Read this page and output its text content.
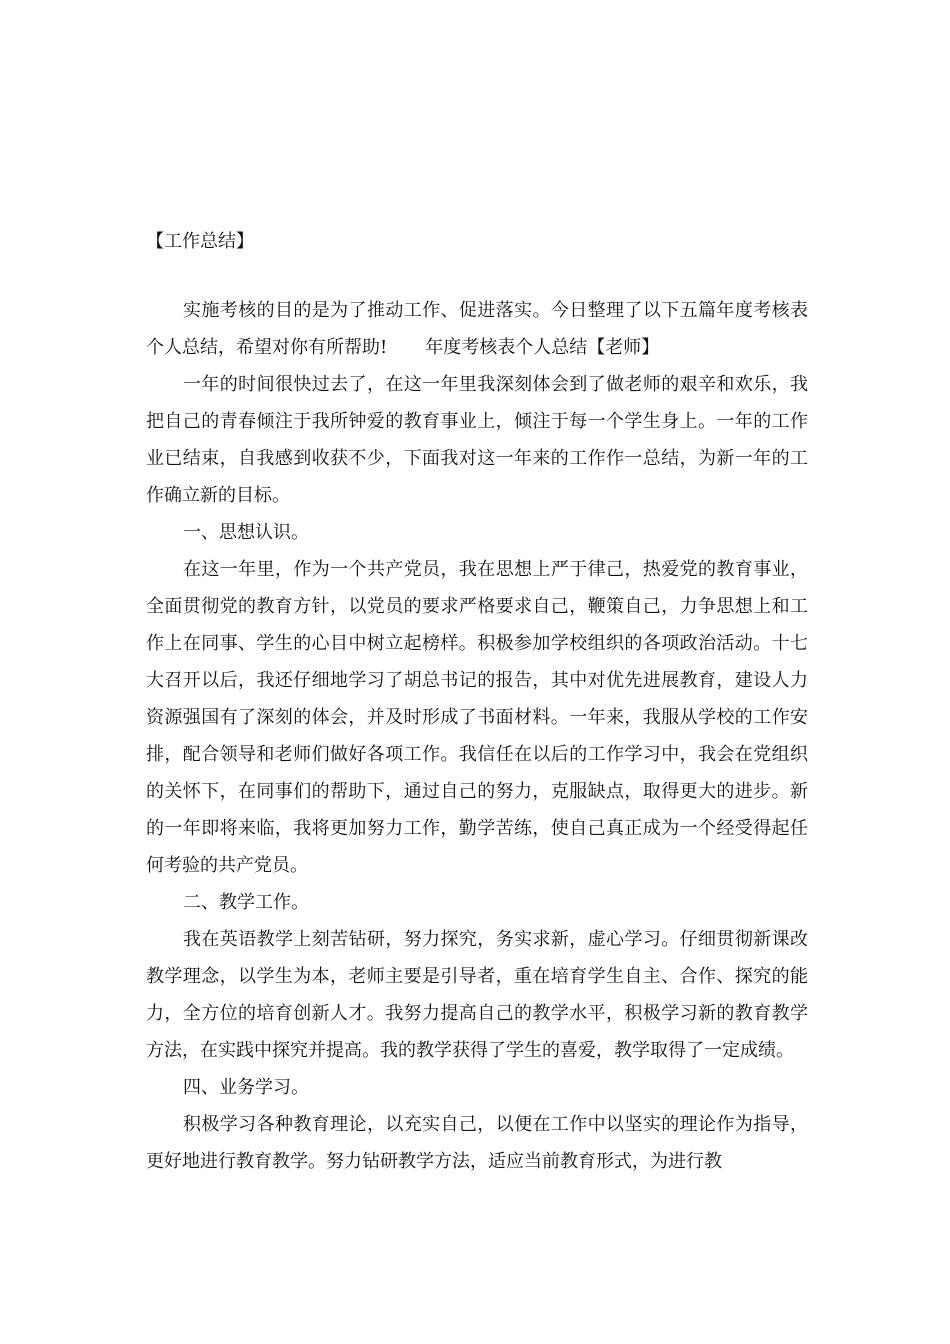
【工作总结】

实施考核的目的是为了推动工作、促进落实。今日整理了以下五篇年度考核表个人总结，希望对你有所帮助! 年度考核表个人总结【老师】

一年的时间很快过去了，在这一年里我深刻体会到了做老师的艰辛和欢乐，我把自己的青春倾注于我所钟爱的教育事业上，倾注于每一个学生身上。一年的工作业已结束，自我感到收获不少，下面我对这一年来的工作作一总结，为新一年的工作确立新的目标。

一、思想认识。

在这一年里，作为一个共产党员，我在思想上严于律己，热爱党的教育事业，全面贯彻党的教育方针，以党员的要求严格要求自己，鞭策自己，力争思想上和工作上在同事、学生的心目中树立起榜样。积极参加学校组织的各项政治活动。十七大召开以后，我还仔细地学习了胡总书记的报告，其中对优先进展教育，建设人力资源强国有了深刻的体会，并及时形成了书面材料。一年来，我服从学校的工作安排，配合领导和老师们做好各项工作。我信任在以后的工作学习中，我会在党组织的关怀下，在同事们的帮助下，通过自己的努力，克服缺点，取得更大的进步。新的一年即将来临，我将更加努力工作，勤学苦练，使自己真正成为一个经受得起任何考验的共产党员。

二、教学工作。

我在英语教学上刻苦钻研，努力探究，务实求新，虚心学习。仔细贯彻新课改教学理念，以学生为本，老师主要是引导者，重在培育学生自主、合作、探究的能力，全方位的培育创新人才。我努力提高自己的教学水平，积极学习新的教育教学方法，在实践中探究并提高。我的教学获得了学生的喜爱，教学取得了一定成绩。

四、业务学习。

积极学习各种教育理论，以充实自己，以便在工作中以坚实的理论作为指导，更好地进行教育教学。努力钻研教学方法，适应当前教育形式，为进行教
